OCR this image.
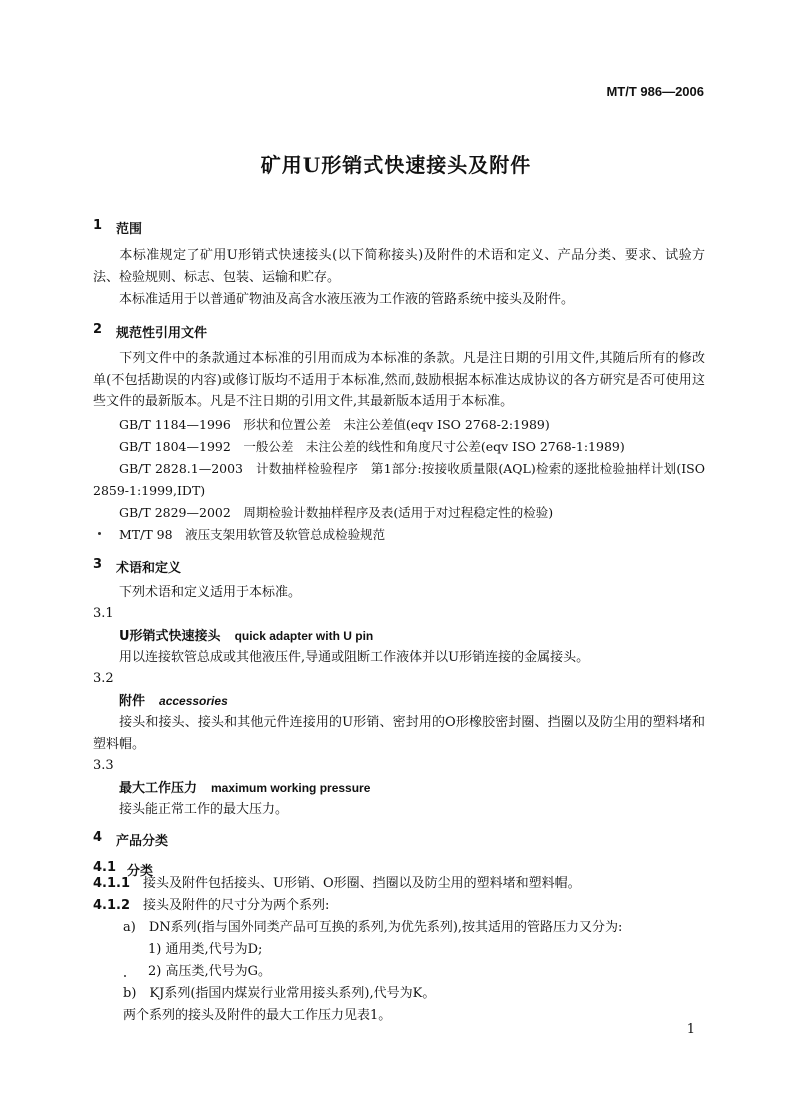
MT/T 986—2006
矿用U形销式快速接头及附件
1 范围
本标准规定了矿用U形销式快速接头(以下简称接头)及附件的术语和定义、产品分类、要求、试验方法、检验规则、标志、包装、运输和贮存。
本标准适用于以普通矿物油及高含水液压液为工作液的管路系统中接头及附件。
2 规范性引用文件
下列文件中的条款通过本标准的引用而成为本标准的条款。凡是注日期的引用文件,其随后所有的修改单(不包括勘误的内容)或修订版均不适用于本标准,然而,鼓励根据本标准达成协议的各方研究是否可使用这些文件的最新版本。凡是不注日期的引用文件,其最新版本适用于本标准。
GB/T 1184—1996　形状和位置公差　未注公差值(eqv ISO 2768-2:1989)
GB/T 1804—1992　一般公差　未注公差的线性和角度尺寸公差(eqv ISO 2768-1:1989)
GB/T 2828.1—2003　计数抽样检验程序　第1部分:按接收质量限(AQL)检索的逐批检验抽样计划(ISO 2859-1:1999,IDT)
GB/T 2829—2002　周期检验计数抽样程序及表(适用于对过程稳定性的检验)
MT/T 98　液压支架用软管及软管总成检验规范
3 术语和定义
下列术语和定义适用于本标准。
3.1
U形销式快速接头 quick adapter with U pin
用以连接软管总成或其他液压件,导通或阻断工作液体并以U形销连接的金属接头。
3.2
附件 accessories
接头和接头、接头和其他元件连接用的U形销、密封用的O形橡胶密封圈、挡圈以及防尘用的塑料堵和塑料帽。
3.3
最大工作压力 maximum working pressure
接头能正常工作的最大压力。
4 产品分类
4.1 分类
4.1.1　 接头及附件包括接头、U形销、O形圈、挡圈以及防尘用的塑料堵和塑料帽。
4.1.2　 接头及附件的尺寸分为两个系列:
a)　 DN系列(指与国外同类产品可互换的系列,为优先系列),按其适用的管路压力又分为:
1) 通用类,代号为D;
2) 高压类,代号为G。
b)　 KJ系列(指国内煤炭行业常用接头系列),代号为K。
两个系列的接头及附件的最大工作压力见表1。
1
